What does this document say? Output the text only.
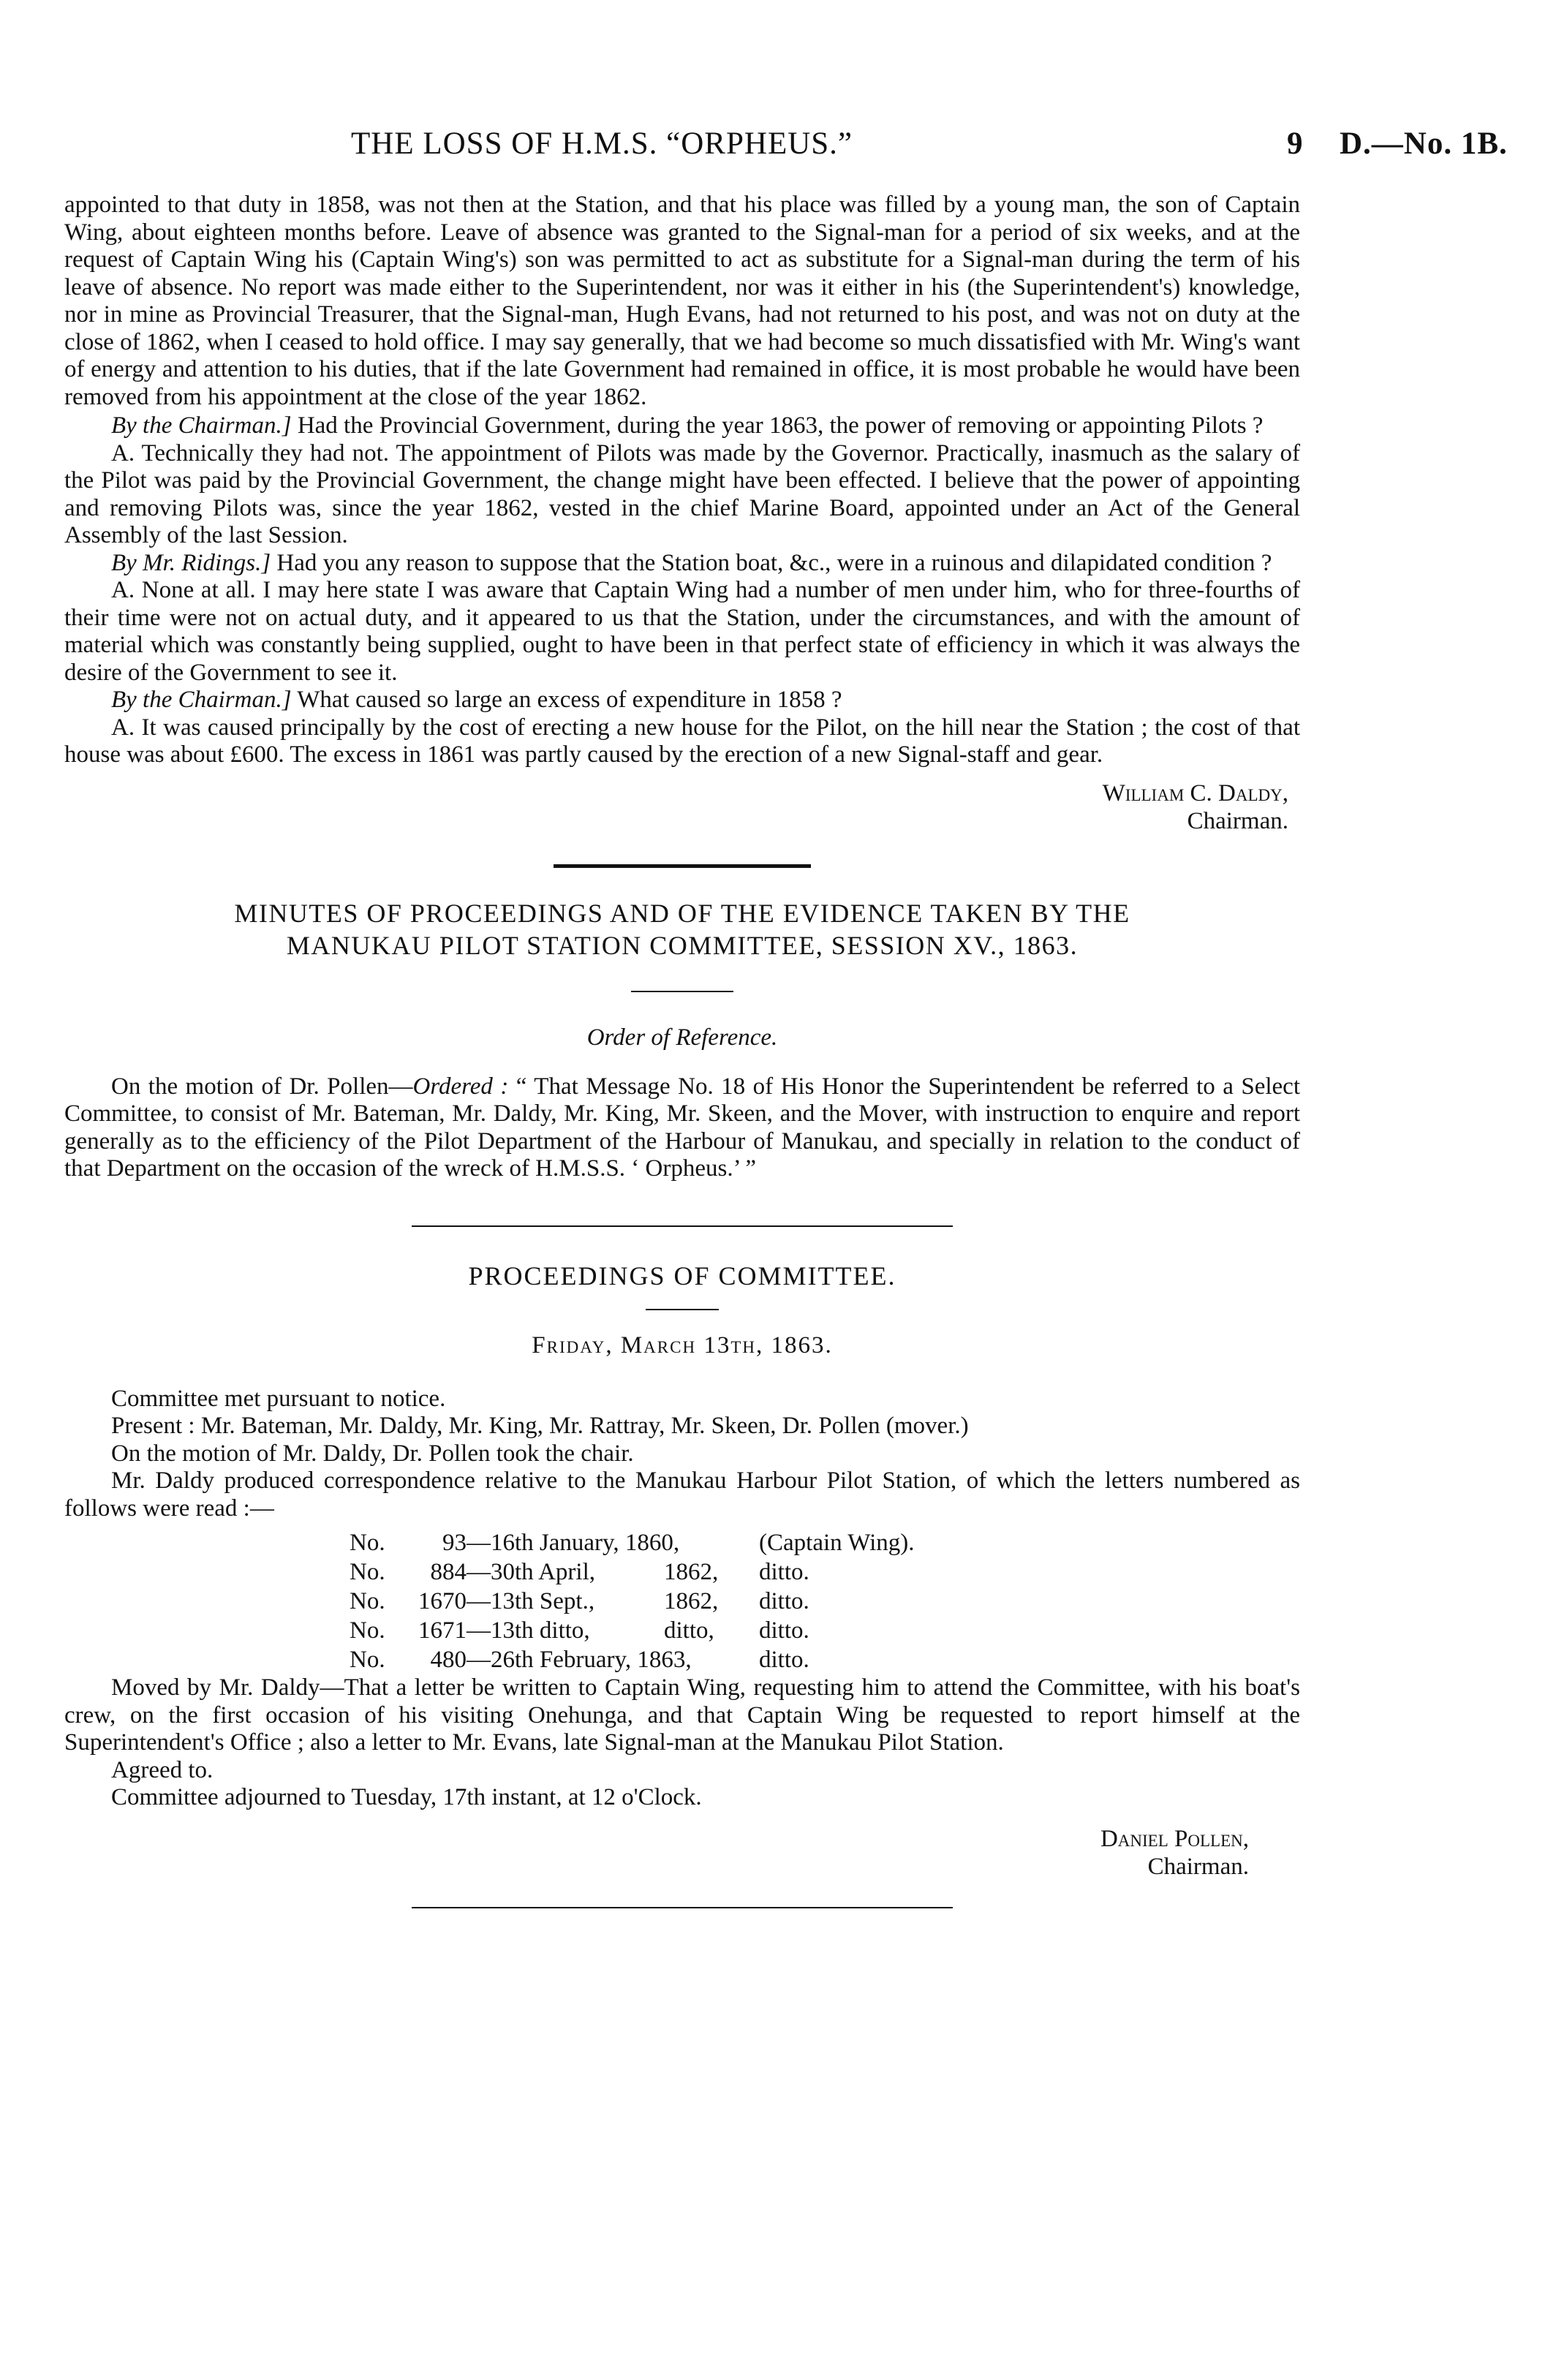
THE LOSS OF H.M.S. “ORPHEUS.”	9 D.—No. 1B.

appointed to that duty in 1858, was not then at the Station, and that his place was filled by a young man, the son of Captain Wing, about eighteen months before. Leave of absence was granted to the Signal-man for a period of six weeks, and at the request of Captain Wing his (Captain Wing's) son was permitted to act as substitute for a Signal-man during the term of his leave of absence. No report was made either to the Superintendent, nor was it either in his (the Superintendent's) knowledge, nor in mine as Provincial Treasurer, that the Signal-man, Hugh Evans, had not returned to his post, and was not on duty at the close of 1862, when I ceased to hold office. I may say generally, that we had become so much dissatisfied with Mr. Wing's want of energy and attention to his duties, that if the late Government had remained in office, it is most probable he would have been removed from his appointment at the close of the year 1862.

By the Chairman.] Had the Provincial Government, during the year 1863, the power of removing or appointing Pilots ?

A. Technically they had not. The appointment of Pilots was made by the Governor. Practically, inasmuch as the salary of the Pilot was paid by the Provincial Government, the change might have been effected. I believe that the power of appointing and removing Pilots was, since the year 1862, vested in the chief Marine Board, appointed under an Act of the General Assembly of the last Session.

By Mr. Ridings.] Had you any reason to suppose that the Station boat, &c., were in a ruinous and dilapidated condition ?

A. None at all. I may here state I was aware that Captain Wing had a number of men under him, who for three-fourths of their time were not on actual duty, and it appeared to us that the Station, under the circumstances, and with the amount of material which was constantly being supplied, ought to have been in that perfect state of efficiency in which it was always the desire of the Government to see it.

By the Chairman.] What caused so large an excess of expenditure in 1858 ?

A. It was caused principally by the cost of erecting a new house for the Pilot, on the hill near the Station ; the cost of that house was about £600. The excess in 1861 was partly caused by the erection of a new Signal-staff and gear.

William C. Daldy,
Chairman.
MINUTES OF PROCEEDINGS AND OF THE EVIDENCE TAKEN BY THE
MANUKAU PILOT STATION COMMITTEE, SESSION XV., 1863.
Order of Reference.

On the motion of Dr. Pollen—Ordered : “ That Message No. 18 of His Honor the Superintendent be referred to a Select Committee, to consist of Mr. Bateman, Mr. Daldy, Mr. King, Mr. Skeen, and the Mover, with instruction to enquire and report generally as to the efficiency of the Pilot Department of the Harbour of Manukau, and specially in relation to the conduct of that Department on the occasion of the wreck of H.M.S.S. ‘ Orpheus.’ ”

PROCEEDINGS OF COMMITTEE.
Friday, March 13th, 1863.

Committee met pursuant to notice.

Present : Mr. Bateman, Mr. Daldy, Mr. King, Mr. Rattray, Mr. Skeen, Dr. Pollen (mover.)

On the motion of Mr. Daldy, Dr. Pollen took the chair.

Mr. Daldy produced correspondence relative to the Manukau Harbour Pilot Station, of which the letters numbered as follows were read :—

No.	93 —16th January, 1860,	(Captain Wing).
No.	884 —30th April,	1862,	ditto.
No.	1670 —13th Sept.,	1862,	ditto.
No.	1671 —13th ditto,	ditto,	ditto.
No.	480 —26th February, 1863,	ditto.

Moved by Mr. Daldy—That a letter be written to Captain Wing, requesting him to attend the Committee, with his boat's crew, on the first occasion of his visiting Onehunga, and that Captain Wing be requested to report himself at the Superintendent's Office ; also a letter to Mr. Evans, late Signal-man at the Manukau Pilot Station.

Agreed to.

Committee adjourned to Tuesday, 17th instant, at 12 o'Clock.

Daniel Pollen,
Chairman.
